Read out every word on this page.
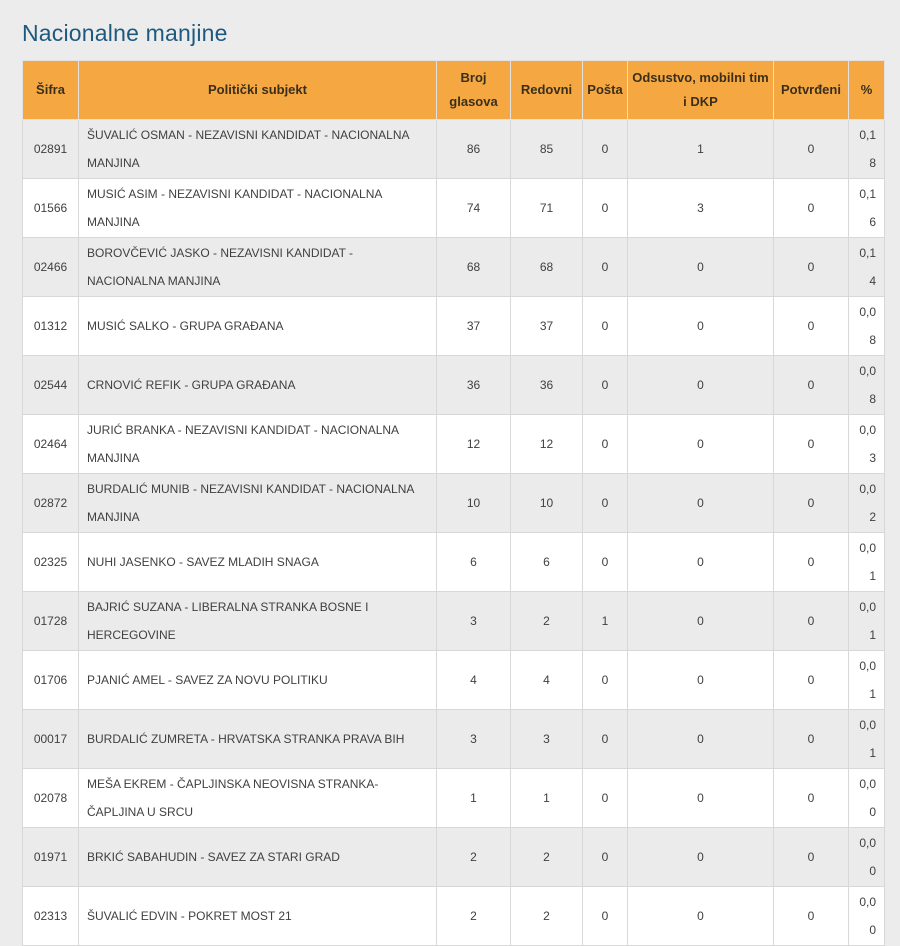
Nacionalne manjine
Šifra	Politički subjekt	Broj glasova	Redovni	Pošta	Odsustvo, mobilni tim i DKP	Potvrđeni	%
02891	ŠUVALIĆ OSMAN - NEZAVISNI KANDIDAT - NACIONALNA MANJINA	86	85	0	1	0	0,18
01566	MUSIĆ ASIM - NEZAVISNI KANDIDAT - NACIONALNA MANJINA	74	71	0	3	0	0,16
02466	BOROVČEVIĆ JASKO - NEZAVISNI KANDIDAT - NACIONALNA MANJINA	68	68	0	0	0	0,14
01312	MUSIĆ SALKO - GRUPA GRAĐANA	37	37	0	0	0	0,08
02544	CRNOVIĆ REFIK - GRUPA GRAĐANA	36	36	0	0	0	0,08
02464	JURIĆ BRANKA - NEZAVISNI KANDIDAT - NACIONALNA MANJINA	12	12	0	0	0	0,03
02872	BURDALIĆ MUNIB - NEZAVISNI KANDIDAT - NACIONALNA MANJINA	10	10	0	0	0	0,02
02325	NUHI JASENKO - SAVEZ MLADIH SNAGA	6	6	0	0	0	0,01
01728	BAJRIĆ SUZANA - LIBERALNA STRANKA BOSNE I HERCEGOVINE	3	2	1	0	0	0,01
01706	PJANIĆ AMEL - SAVEZ ZA NOVU POLITIKU	4	4	0	0	0	0,01
00017	BURDALIĆ ZUMRETA - HRVATSKA STRANKA PRAVA BIH	3	3	0	0	0	0,01
02078	MEŠA EKREM - ČAPLJINSKA NEOVISNA STRANKA-ČAPLJINA U SRCU	1	1	0	0	0	0,00
01971	BRKIĆ SABAHUDIN - SAVEZ ZA STARI GRAD	2	2	0	0	0	0,00
02313	ŠUVALIĆ EDVIN - POKRET MOST 21	2	2	0	0	0	0,00
